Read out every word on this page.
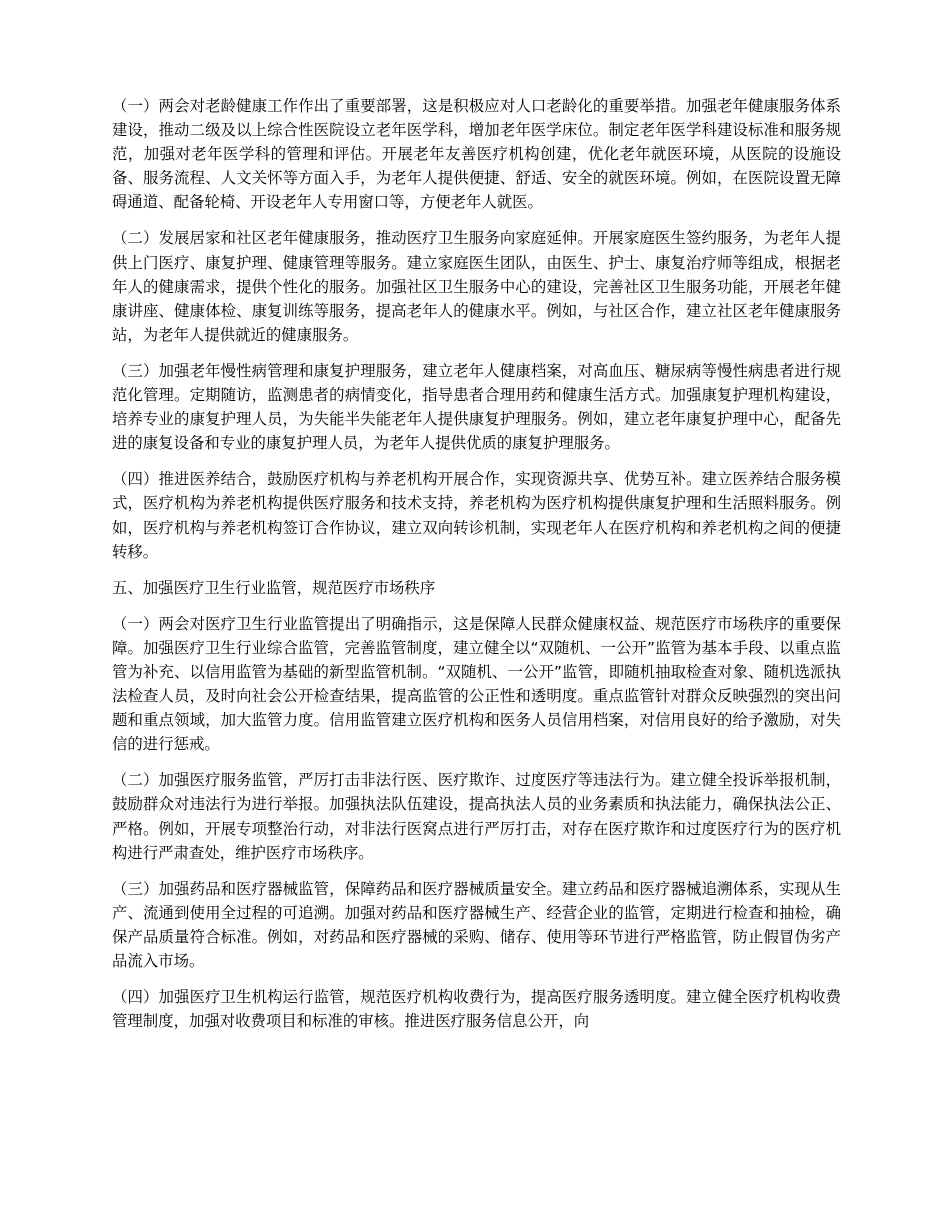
（一）两会对老龄健康工作作出了重要部署，这是积极应对人口老龄化的重要举措。加强老年健康服务体系建设，推动二级及以上综合性医院设立老年医学科，增加老年医学床位。制定老年医学科建设标准和服务规范，加强对老年医学科的管理和评估。开展老年友善医疗机构创建，优化老年就医环境，从医院的设施设备、服务流程、人文关怀等方面入手，为老年人提供便捷、舒适、安全的就医环境。例如，在医院设置无障碍通道、配备轮椅、开设老年人专用窗口等，方便老年人就医。

（二）发展居家和社区老年健康服务，推动医疗卫生服务向家庭延伸。开展家庭医生签约服务，为老年人提供上门医疗、康复护理、健康管理等服务。建立家庭医生团队，由医生、护士、康复治疗师等组成，根据老年人的健康需求，提供个性化的服务。加强社区卫生服务中心的建设，完善社区卫生服务功能，开展老年健康讲座、健康体检、康复训练等服务，提高老年人的健康水平。例如，与社区合作，建立社区老年健康服务站，为老年人提供就近的健康服务。

（三）加强老年慢性病管理和康复护理服务，建立老年人健康档案，对高血压、糖尿病等慢性病患者进行规范化管理。定期随访，监测患者的病情变化，指导患者合理用药和健康生活方式。加强康复护理机构建设，培养专业的康复护理人员，为失能半失能老年人提供康复护理服务。例如，建立老年康复护理中心，配备先进的康复设备和专业的康复护理人员，为老年人提供优质的康复护理服务。

（四）推进医养结合，鼓励医疗机构与养老机构开展合作，实现资源共享、优势互补。建立医养结合服务模式，医疗机构为养老机构提供医疗服务和技术支持，养老机构为医疗机构提供康复护理和生活照料服务。例如，医疗机构与养老机构签订合作协议，建立双向转诊机制，实现老年人在医疗机构和养老机构之间的便捷转移。

五、加强医疗卫生行业监管，规范医疗市场秩序

（一）两会对医疗卫生行业监管提出了明确指示，这是保障人民群众健康权益、规范医疗市场秩序的重要保障。加强医疗卫生行业综合监管，完善监管制度，建立健全以“双随机、一公开”监管为基本手段、以重点监管为补充、以信用监管为基础的新型监管机制。“双随机、一公开”监管，即随机抽取检查对象、随机选派执法检查人员，及时向社会公开检查结果，提高监管的公正性和透明度。重点监管针对群众反映强烈的突出问题和重点领域，加大监管力度。信用监管建立医疗机构和医务人员信用档案，对信用良好的给予激励，对失信的进行惩戒。

（二）加强医疗服务监管，严厉打击非法行医、医疗欺诈、过度医疗等违法行为。建立健全投诉举报机制，鼓励群众对违法行为进行举报。加强执法队伍建设，提高执法人员的业务素质和执法能力，确保执法公正、严格。例如，开展专项整治行动，对非法行医窝点进行严厉打击，对存在医疗欺诈和过度医疗行为的医疗机构进行严肃查处，维护医疗市场秩序。

（三）加强药品和医疗器械监管，保障药品和医疗器械质量安全。建立药品和医疗器械追溯体系，实现从生产、流通到使用全过程的可追溯。加强对药品和医疗器械生产、经营企业的监管，定期进行检查和抽检，确保产品质量符合标准。例如，对药品和医疗器械的采购、储存、使用等环节进行严格监管，防止假冒伪劣产品流入市场。

（四）加强医疗卫生机构运行监管，规范医疗机构收费行为，提高医疗服务透明度。建立健全医疗机构收费管理制度，加强对收费项目和标准的审核。推进医疗服务信息公开，向
